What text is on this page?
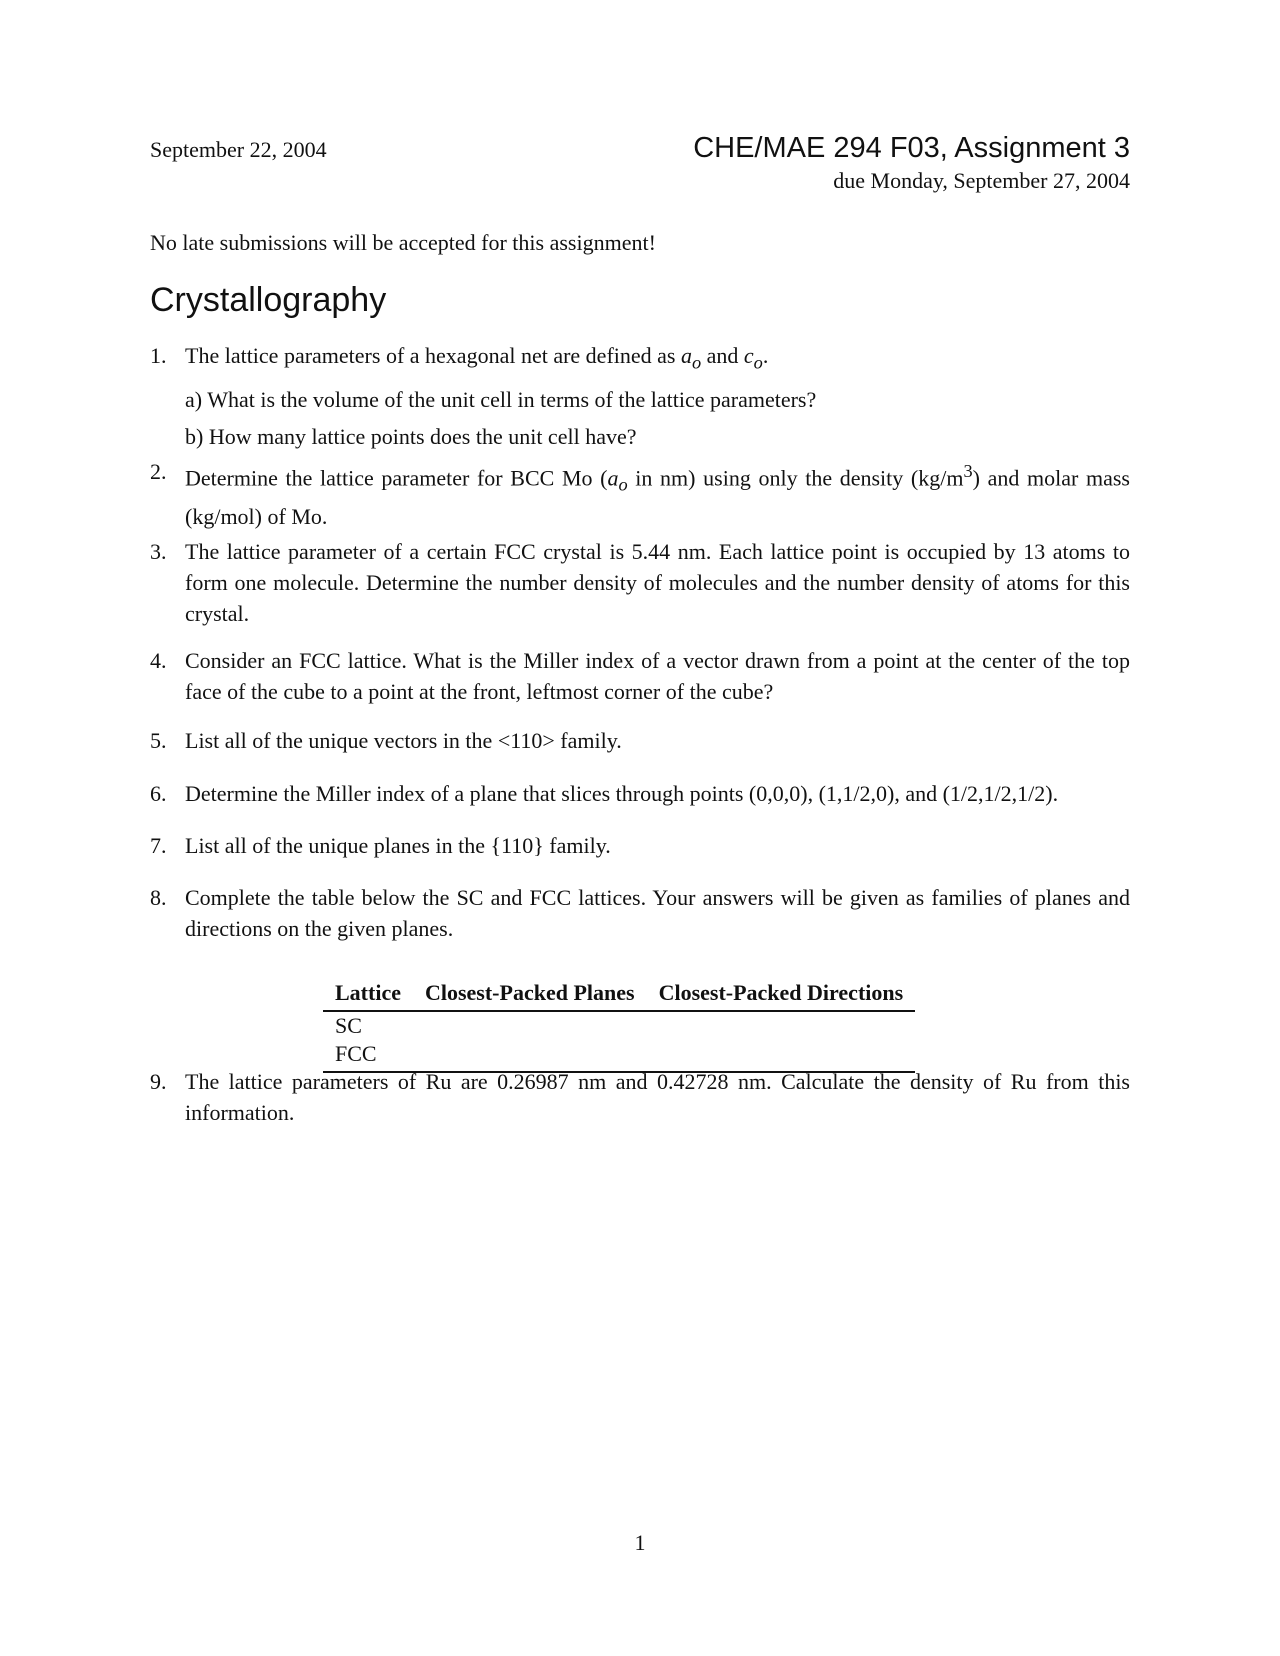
September 22, 2004	CHE/MAE 294 F03, Assignment 3
due Monday, September 27, 2004
No late submissions will be accepted for this assignment!
Crystallography
1. The lattice parameters of a hexagonal net are defined as $a_o$ and $c_o$.
a) What is the volume of the unit cell in terms of the lattice parameters?
b) How many lattice points does the unit cell have?
2. Determine the lattice parameter for BCC Mo ($a_o$ in nm) using only the density $(kg/m^3)$ and molar mass (kg/mol) of Mo.
3. The lattice parameter of a certain FCC crystal is 5.44 nm. Each lattice point is occupied by 13 atoms to form one molecule. Determine the number density of molecules and the number density of atoms for this crystal.
4. Consider an FCC lattice. What is the Miller index of a vector drawn from a point at the center of the top face of the cube to a point at the front, leftmost corner of the cube?
5. List all of the unique vectors in the <110> family.
6. Determine the Miller index of a plane that slices through points (0,0,0), (1,1/2,0), and (1/2,1/2,1/2).
7. List all of the unique planes in the {110} family.
8. Complete the table below the SC and FCC lattices. Your answers will be given as families of planes and directions on the given planes.
Lattice	Closest-Packed Planes	Closest-Packed Directions
SC		
FCC		
9. The lattice parameters of Ru are 0.26987 nm and 0.42728 nm. Calculate the density of Ru from this information.
1
